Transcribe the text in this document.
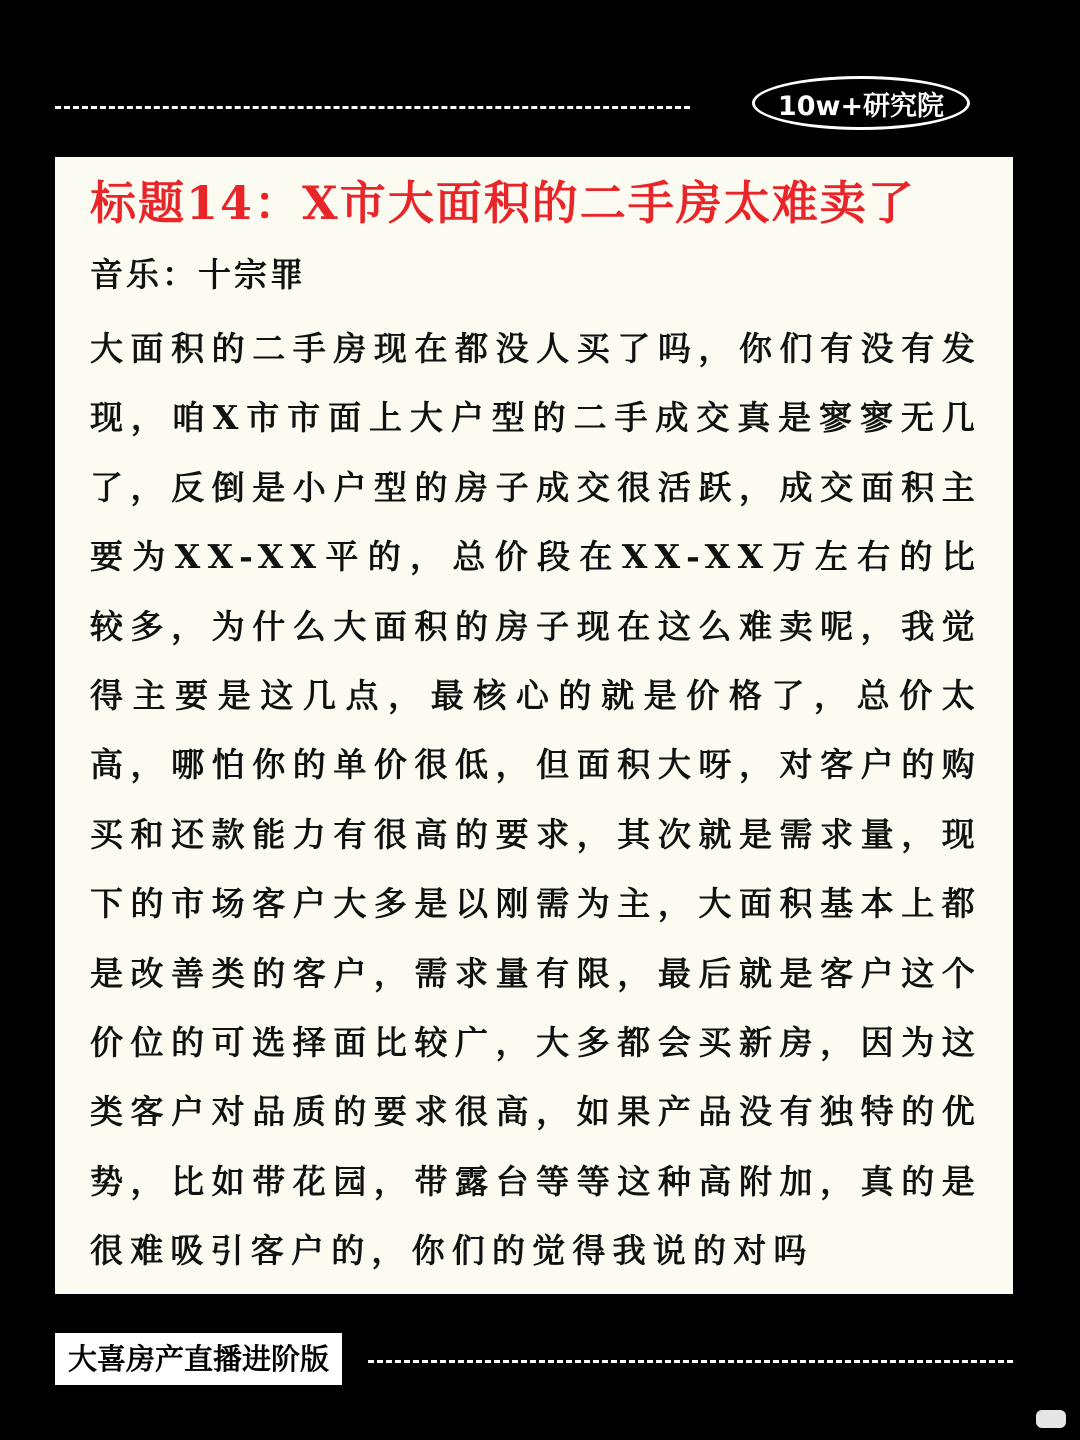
10w+研究院
标题14：X市大面积的二手房太难卖了
音乐：十宗罪
大面积的二手房现在都没人买了吗，你们有没有发现，咱X市市面上大户型的二手成交真是寥寥无几了，反倒是小户型的房子成交很活跃，成交面积主要为XX-XX平的，总价段在XX-XX万左右的比较多，为什么大面积的房子现在这么难卖呢，我觉得主要是这几点，最核心的就是价格了，总价太高，哪怕你的单价很低，但面积大呀，对客户的购买和还款能力有很高的要求，其次就是需求量，现下的市场客户大多是以刚需为主，大面积基本上都是改善类的客户，需求量有限，最后就是客户这个价位的可选择面比较广，大多都会买新房，因为这类客户对品质的要求很高，如果产品没有独特的优势，比如带花园，带露台等等这种高附加，真的是很难吸引客户的，你们的觉得我说的对吗
大喜房产直播进阶版
